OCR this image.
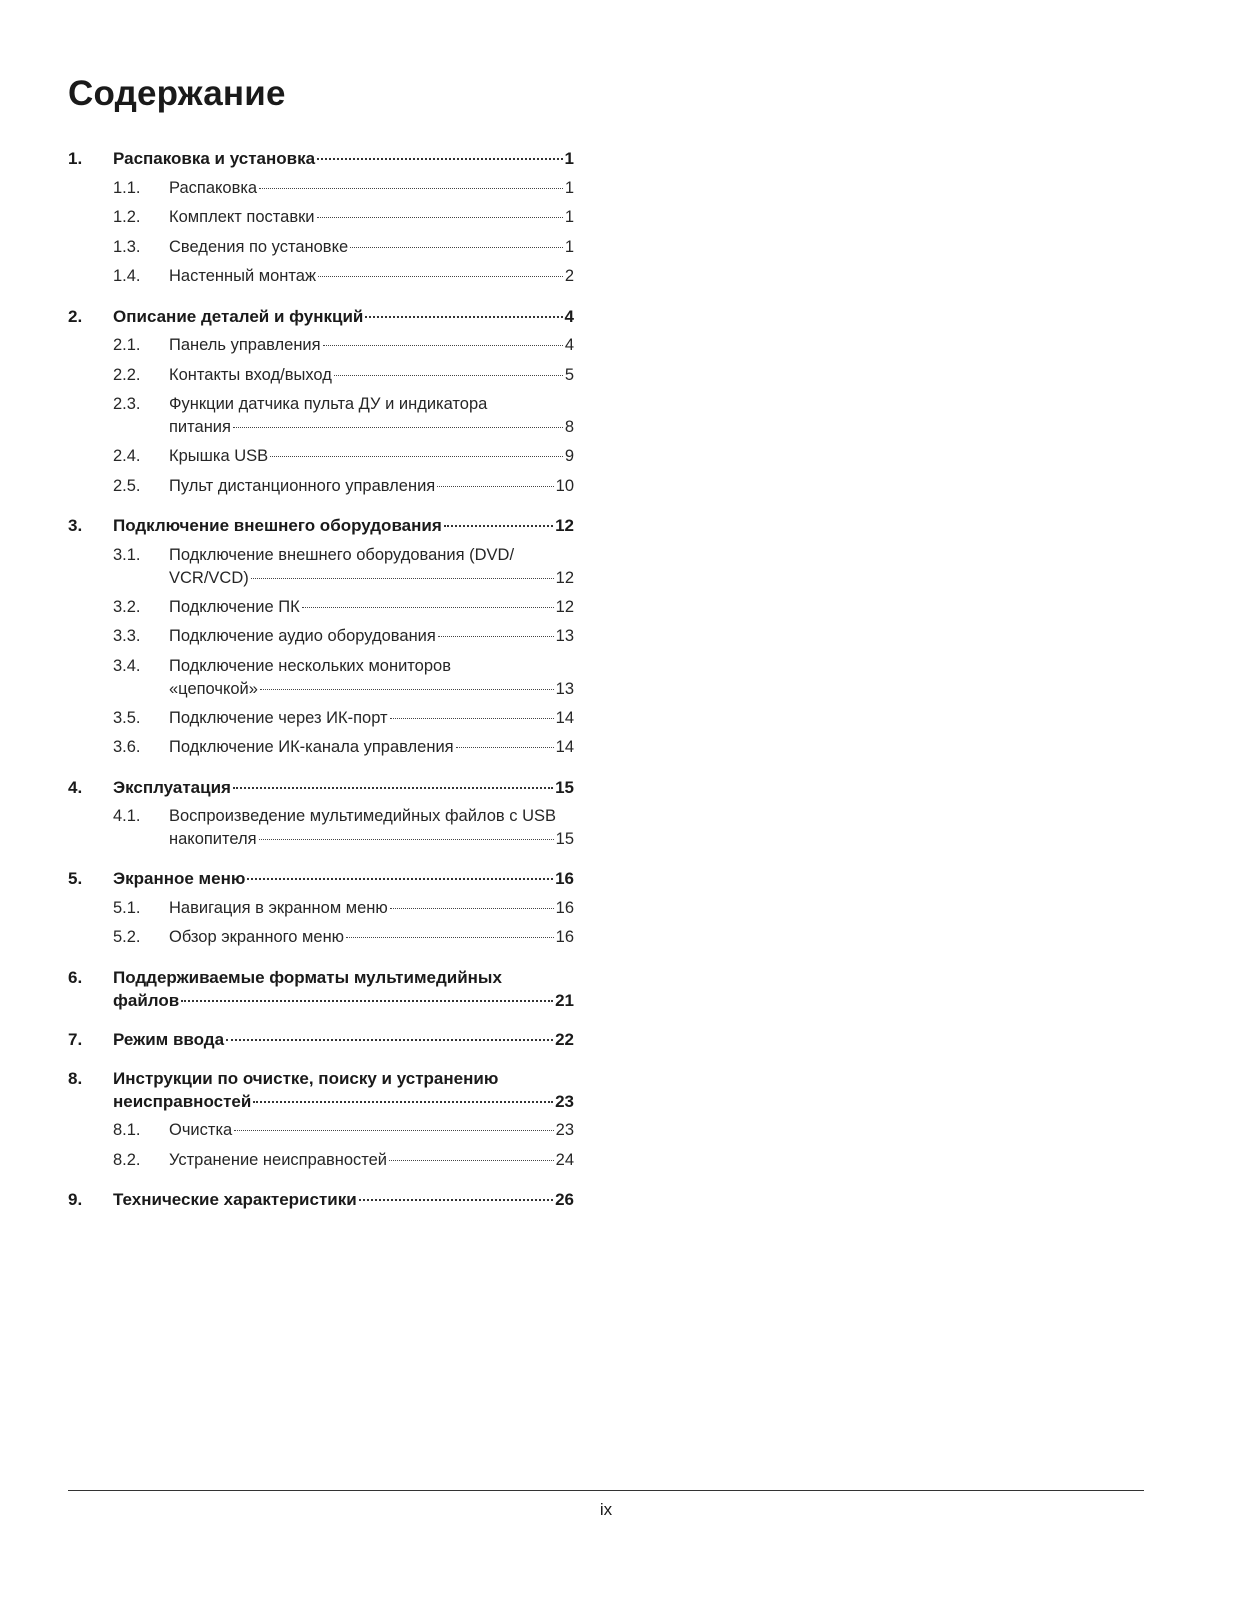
Содержание
1.	Распаковка и установка	1
1.1.	Распаковка	1
1.2.	Комплект поставки	1
1.3.	Сведения по установке	1
1.4.	Настенный монтаж	2
2.	Описание деталей и функций	4
2.1.	Панель управления	4
2.2.	Контакты вход/выход	5
2.3.	Функции датчика пульта ДУ и индикатора
питания	8
2.4.	Крышка USB	9
2.5.	Пульт дистанционного управления	10
3.	Подключение внешнего оборудования	12
3.1.	Подключение внешнего оборудования (DVD/
VCR/VCD)	12
3.2.	Подключение ПК	12
3.3.	Подключение аудио оборудования	13
3.4.	Подключение нескольких мониторов
«цепочкой»	13
3.5.	Подключение через ИК-порт	14
3.6.	Подключение ИК-канала управления	14
4.	Эксплуатация	15
4.1.	Воспроизведение мультимедийных файлов с USB
накопителя	15
5.	Экранное меню	16
5.1.	Навигация в экранном меню	16
5.2.	Обзор экранного меню	16
6.	Поддерживаемые форматы мультимедийных
файлов	21
7.	Режим ввода	22
8.	Инструкции по очистке, поиску и устранению
неисправностей	23
8.1.	Очистка	23
8.2.	Устранение неисправностей	24
9.	Технические характеристики	26
ix
